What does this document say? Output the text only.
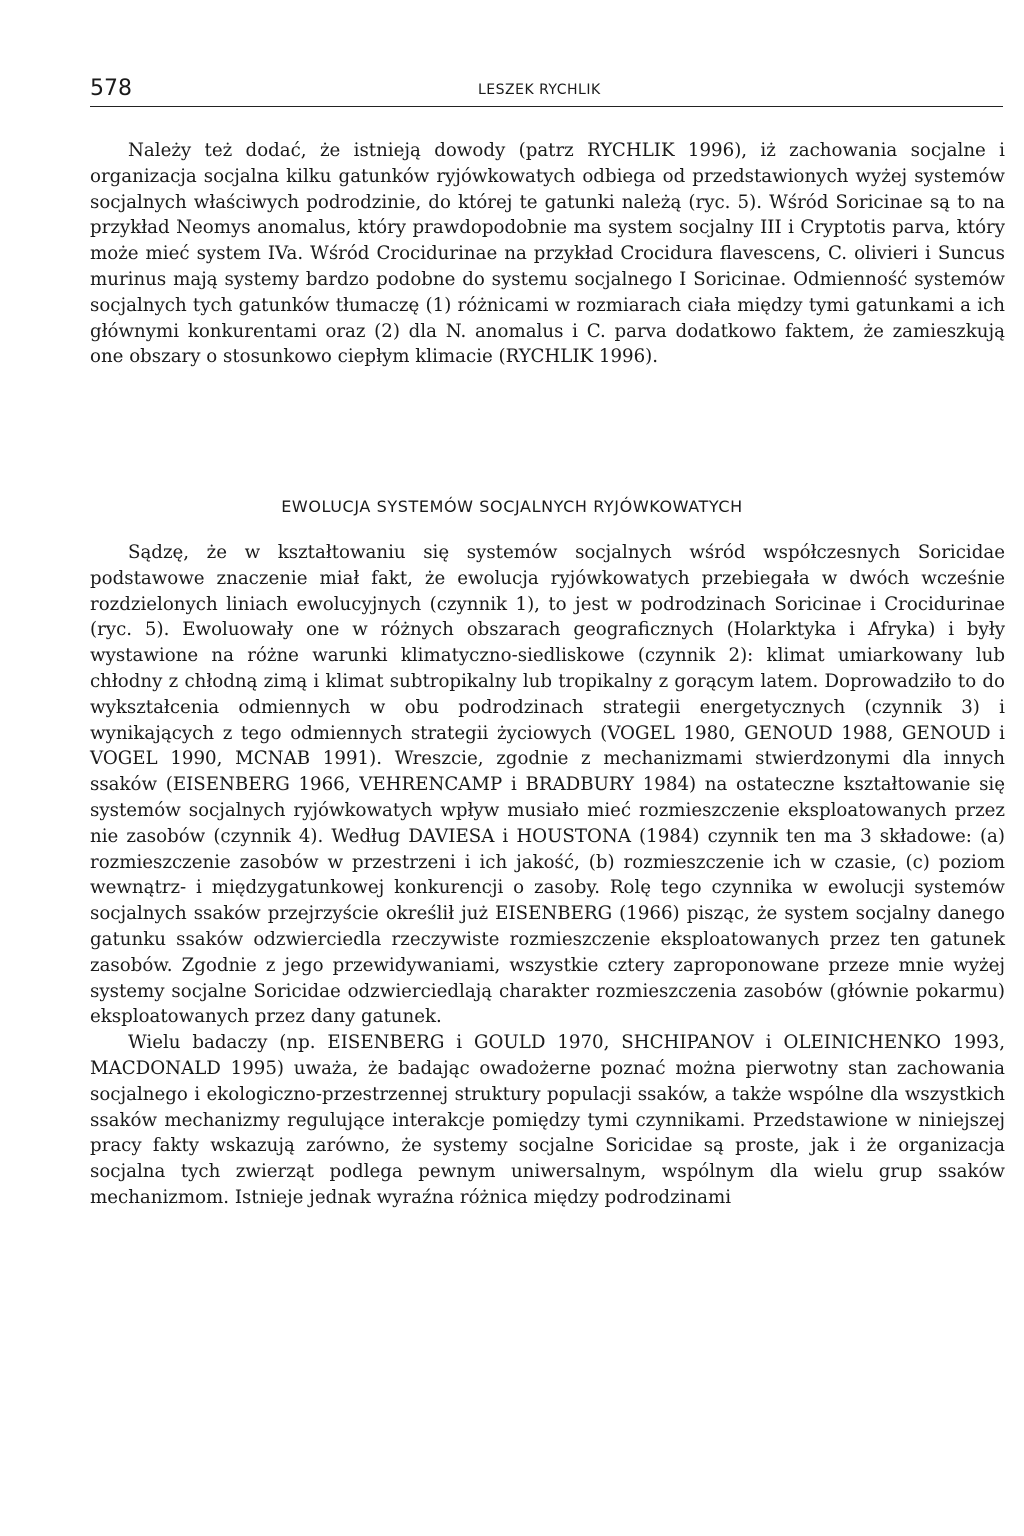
578	LESZEK RYCHLIK

Należy też dodać, że istnieją dowody (patrz RYCHLIK 1996), iż zachowania socjalne i organizacja socjalna kilku gatunków ryjówkowatych odbiega od przedstawionych wyżej systemów socjalnych właściwych podrodzinie, do której te gatunki należą (ryc. 5). Wśród Soricinae są to na przykład Neomys anomalus, który prawdopodobnie ma system socjalny III i Cryptotis parva, który może mieć system IVa. Wśród Crocidurinae na przykład Crocidura flavescens, C. olivieri i Suncus murinus mają systemy bardzo podobne do systemu socjalnego I Soricinae. Odmienność systemów socjalnych tych gatunków tłumaczę (1) różnicami w rozmiarach ciała między tymi gatunkami a ich głównymi konkurentami oraz (2) dla N. anomalus i C. parva dodatkowo faktem, że zamieszkują one obszary o stosunkowo ciepłym klimacie (RYCHLIK 1996).

EWOLUCJA SYSTEMÓW SOCJALNYCH RYJÓWKOWATYCH

Sądzę, że w kształtowaniu się systemów socjalnych wśród współczesnych Soricidae podstawowe znaczenie miał fakt, że ewolucja ryjówkowatych przebiegała w dwóch wcześnie rozdzielonych liniach ewolucyjnych (czynnik 1), to jest w podrodzinach Soricinae i Crocidurinae (ryc. 5). Ewoluowały one w różnych obszarach geograficznych (Holarktyka i Afryka) i były wystawione na różne warunki klimatyczno-siedliskowe (czynnik 2): klimat umiarkowany lub chłodny z chłodną zimą i klimat subtropikalny lub tropikalny z gorącym latem. Doprowadziło to do wykształcenia odmiennych w obu podrodzinach strategii energetycznych (czynnik 3) i wynikających z tego odmiennych strategii życiowych (VOGEL 1980, GENOUD 1988, GENOUD i VOGEL 1990, MCNAB 1991). Wreszcie, zgodnie z mechanizmami stwierdzonymi dla innych ssaków (EISENBERG 1966, VEHRENCAMP i BRADBURY 1984) na ostateczne kształtowanie się systemów socjalnych ryjówkowatych wpływ musiało mieć rozmieszczenie eksploatowanych przez nie zasobów (czynnik 4). Według DAVIESA i HOUSTONA (1984) czynnik ten ma 3 składowe: (a) rozmieszczenie zasobów w przestrzeni i ich jakość, (b) rozmieszczenie ich w czasie, (c) poziom wewnątrz- i międzygatunkowej konkurencji o zasoby. Rolę tego czynnika w ewolucji systemów socjalnych ssaków przejrzyście określił już EISENBERG (1966) pisząc, że system socjalny danego gatunku ssaków odzwierciedla rzeczywiste rozmieszczenie eksploatowanych przez ten gatunek zasobów. Zgodnie z jego przewidywaniami, wszystkie cztery zaproponowane przeze mnie wyżej systemy socjalne Soricidae odzwierciedlają charakter rozmieszczenia zasobów (głównie pokarmu) eksploatowanych przez dany gatunek.

Wielu badaczy (np. EISENBERG i GOULD 1970, SHCHIPANOV i OLEINICHENKO 1993, MACDONALD 1995) uważa, że badając owadożerne poznać można pierwotny stan zachowania socjalnego i ekologiczno-przestrzennej struktury populacji ssaków, a także wspólne dla wszystkich ssaków mechanizmy regulujące interakcje pomiędzy tymi czynnikami. Przedstawione w niniejszej pracy fakty wskazują zarówno, że systemy socjalne Soricidae są proste, jak i że organizacja socjalna tych zwierząt podlega pewnym uniwersalnym, wspólnym dla wielu grup ssaków mechanizmom. Istnieje jednak wyraźna różnica między podrodzinami
